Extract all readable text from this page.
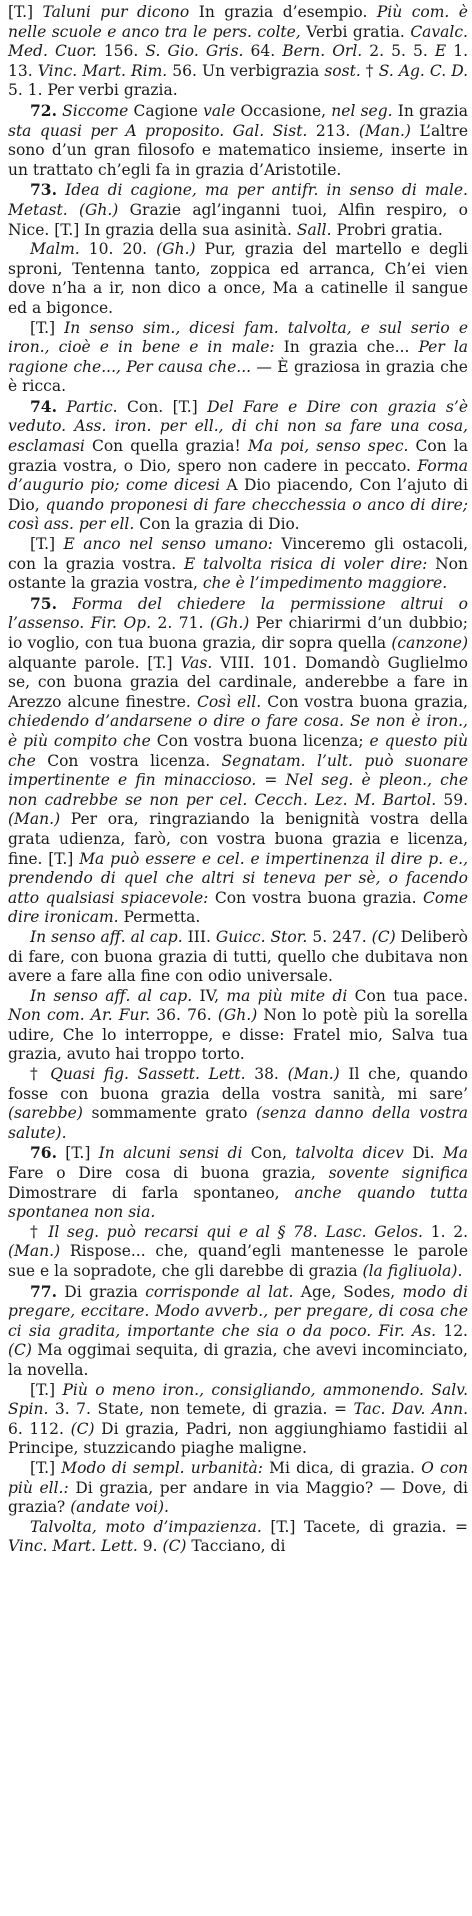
[T.] Taluni pur dicono In grazia d’esempio. Più com. è nelle scuole e anco tra le pers. colte, Verbi gratia. Cavalc. Med. Cuor. 156. S. Gio. Gris. 64. Bern. Orl. 2. 5. 5. E 1. 13. Vinc. Mart. Rim. 56. Un verbigrazia sost. † S. Ag. C. D. 5. 1. Per verbi grazia.

72. Siccome Cagione vale Occasione, nel seg. In grazia sta quasi per A proposito. Gal. Sist. 213. (Man.) L’altre sono d’un gran filosofo e matematico insieme, inserte in un trattato ch’egli fa in grazia d’Aristotile.

73. Idea di cagione, ma per antifr. in senso di male. Metast. (Gh.) Grazie agl’inganni tuoi, Alfin respiro, o Nice. [T.] In grazia della sua asinità. Sall. Probri gratia.

Malm. 10. 20. (Gh.) Pur, grazia del martello e degli sproni, Tentenna tanto, zoppica ed arranca, Ch’ei vien dove n’ha a ir, non dico a once, Ma a catinelle il sangue ed a bigonce.

[T.] In senso sim., dicesi fam. talvolta, e sul serio e iron., cioè e in bene e in male: In grazia che... Per la ragione che..., Per causa che... — È graziosa in grazia che è ricca.

74. Partic. Con. [T.] Del Fare e Dire con grazia s’è veduto. Ass. iron. per ell., di chi non sa fare una cosa, esclamasi Con quella grazia! Ma poi, senso spec. Con la grazia vostra, o Dio, spero non cadere in peccato. Forma d’augurio pio; come dicesi A Dio piacendo, Con l’ajuto di Dio, quando proponesi di fare checchessia o anco di dire; così ass. per ell. Con la grazia di Dio.

[T.] E anco nel senso umano: Vinceremo gli ostacoli, con la grazia vostra. E talvolta risica di voler dire: Non ostante la grazia vostra, che è l’impedimento maggiore.

75. Forma del chiedere la permissione altrui o l’assenso. Fir. Op. 2. 71. (Gh.) Per chiarirmi d’un dubbio; io voglio, con tua buona grazia, dir sopra quella (canzone) alquante parole. [T.] Vas. VIII. 101. Domandò Guglielmo se, con buona grazia del cardinale, anderebbe a fare in Arezzo alcune finestre. Così ell. Con vostra buona grazia, chiedendo d’andarsene o dire o fare cosa. Se non è iron., è più compito che Con vostra buona licenza; e questo più che Con vostra licenza. Segnatam. l’ult. può suonare impertinente e fin minaccioso. = Nel seg. è pleon., che non cadrebbe se non per cel. Cecch. Lez. M. Bartol. 59. (Man.) Per ora, ringraziando la benignità vostra della grata udienza, farò, con vostra buona grazia e licenza, fine. [T.] Ma può essere e cel. e impertinenza il dire p. e., prendendo di quel che altri si teneva per sè, o facendo atto qualsiasi spiacevole: Con vostra buona grazia. Come dire ironicam. Permetta.

In senso aff. al cap. III. Guicc. Stor. 5. 247. (C) Deliberò di fare, con buona grazia di tutti, quello che dubitava non avere a fare alla fine con odio universale.

In senso aff. al cap. IV, ma più mite di Con tua pace. Non com. Ar. Fur. 36. 76. (Gh.) Non lo potè più la sorella udire, Che lo interroppe, e disse: Fratel mio, Salva tua grazia, avuto hai troppo torto.

† Quasi fig. Sassett. Lett. 38. (Man.) Il che, quando fosse con buona grazia della vostra sanità, mi sare’ (sarebbe) sommamente grato (senza danno della vostra salute).

76. [T.] In alcuni sensi di Con, talvolta dicev Di. Ma Fare o Dire cosa di buona grazia, sovente significa Dimostrare di farla spontaneo, anche quando tutta spontanea non sia.

† Il seg. può recarsi qui e al § 78. Lasc. Gelos. 1. 2. (Man.) Rispose... che, quand’egli mantenesse le parole sue e la sopradote, che gli darebbe di grazia (la figliuola).

77. Di grazia corrisponde al lat. Age, Sodes, modo di pregare, eccitare. Modo avverb., per pregare, di cosa che ci sia gradita, importante che sia o da poco. Fir. As. 12. (C) Ma oggimai sequita, di grazia, che avevi incominciato, la novella.

[T.] Più o meno iron., consigliando, ammonendo. Salv. Spin. 3. 7. State, non temete, di grazia. = Tac. Dav. Ann. 6. 112. (C) Di grazia, Padri, non aggiunghiamo fastidii al Principe, stuzzicando piaghe maligne.

[T.] Modo di sempl. urbanità: Mi dica, di grazia. O con più ell.: Di grazia, per andare in via Maggio? — Dove, di grazia? (andate voi).

Talvolta, moto d’impazienza. [T.] Tacete, di grazia. = Vinc. Mart. Lett. 9. (C) Tacciano, di
